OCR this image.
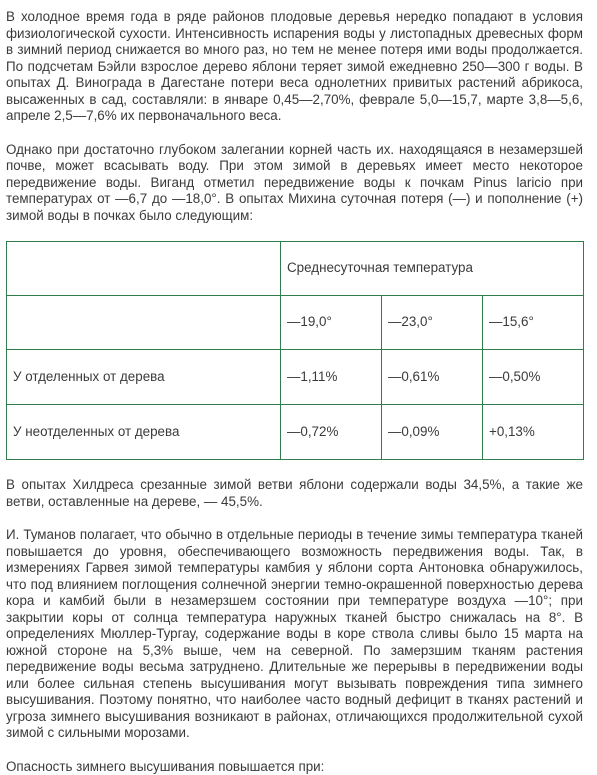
В холодное время года в ряде районов плодовые деревья нередко попадают в условия физиологической сухости. Интенсивность испарения воды у листопадных древесных форм в зимний период снижается во много раз, но тем не менее потеря ими воды продолжается. По подсчетам Бэйли взрослое дерево яблони теряет зимой ежедневно 250—300 г воды. В опытах Д. Винограда в Дагестане потери веса однолетних привитых растений абрикоса, высаженных в сад, составляли: в январе 0,45—2,70%, феврале 5,0—15,7, марте 3,8—5,6, апреле 2,5—7,6% их первоначального веса.

Однако при достаточно глубоком залегании корней часть их. находящаяся в незамерзшей почве, может всасывать воду. При этом зимой в деревьях имеет место некоторое передвижение воды. Виганд отметил передвижение воды к почкам Pinus laricio при температурах от —6,7 до —18,0°. В опытах Михина суточная потеря (—) и пополнение (+) зимой воды в почках было следующим:

	Среднесуточная температура		
	—19,0°	—23,0°	—15,6°
У отделенных от дерева	—1,11%	—0,61%	—0,50%
У неотделенных от дерева	—0,72%	—0,09%	+0,13%

В опытах Хилдреса срезанные зимой ветви яблони содержали воды 34,5%, а такие же ветви, оставленные на дереве, — 45,5%.

И. Туманов полагает, что обычно в отдельные периоды в течение зимы температура тканей повышается до уровня, обеспечивающего возможность передвижения воды. Так, в измерениях Гарвея зимой температуры камбия у яблони сорта Антоновка обнаружилось, что под влиянием поглощения солнечной энергии темно-окрашенной поверхностью дерева кора и камбий были в незамерзшем состоянии при температуре воздуха —10°; при закрытии коры от солнца температура наружных тканей быстро снижалась на 8°. В определениях Мюллер-Тургау, содержание воды в коре ствола сливы было 15 марта на южной стороне на 5,3% выше, чем на северной. По замерзшим тканям растения передвижение воды весьма затруднено. Длительные же перерывы в передвижении воды или более сильная степень высушивания могут вызывать повреждения типа зимнего высушивания. Поэтому понятно, что наиболее часто водный дефицит в тканях растений и угроза зимнего высушивания возникают в районах, отличающихся продолжительной сухой зимой с сильными морозами.

Опасность зимнего высушивания повышается при:
